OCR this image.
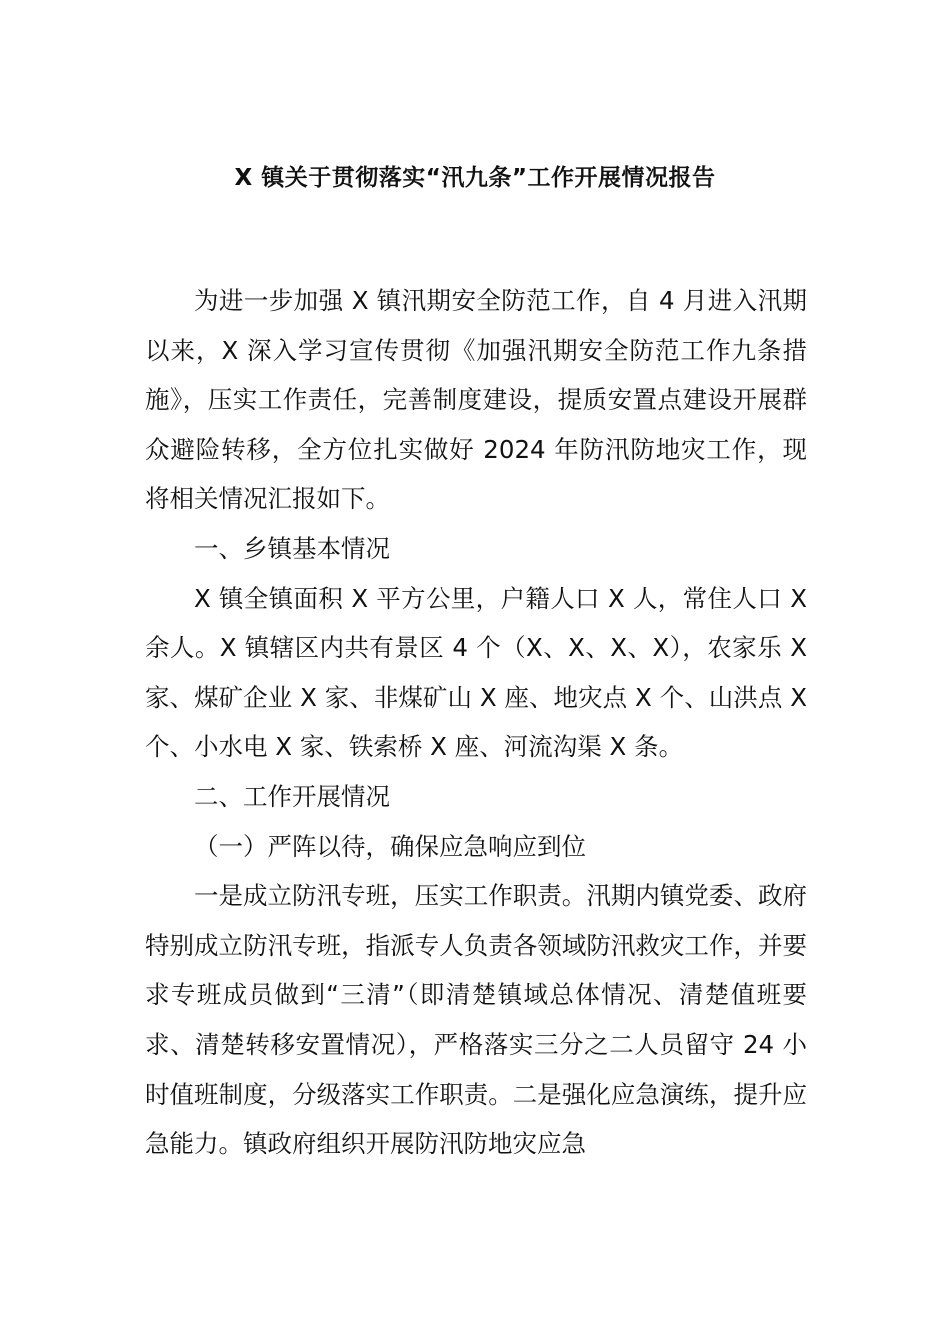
X 镇关于贯彻落实“汛九条”工作开展情况报告

为进一步加强 X 镇汛期安全防范工作，自 4 月进入汛期以来，X 深入学习宣传贯彻《加强汛期安全防范工作九条措施》，压实工作责任，完善制度建设，提质安置点建设开展群众避险转移，全方位扎实做好 2024 年防汛防地灾工作，现将相关情况汇报如下。

一、乡镇基本情况

X 镇全镇面积 X 平方公里，户籍人口 X 人，常住人口 X 余人。X 镇辖区内共有景区 4 个（X、X、X、X），农家乐 X 家、煤矿企业 X 家、非煤矿山 X 座、地灾点 X 个、山洪点 X 个、小水电 X 家、铁索桥 X 座、河流沟渠 X 条。

二、工作开展情况

（一）严阵以待，确保应急响应到位

一是成立防汛专班，压实工作职责。汛期内镇党委、政府特别成立防汛专班，指派专人负责各领域防汛救灾工作，并要求专班成员做到“三清”（即清楚镇域总体情况、清楚值班要求、清楚转移安置情况），严格落实三分之二人员留守 24 小时值班制度，分级落实工作职责。二是强化应急演练，提升应急能力。镇政府组织开展防汛防地灾应急
